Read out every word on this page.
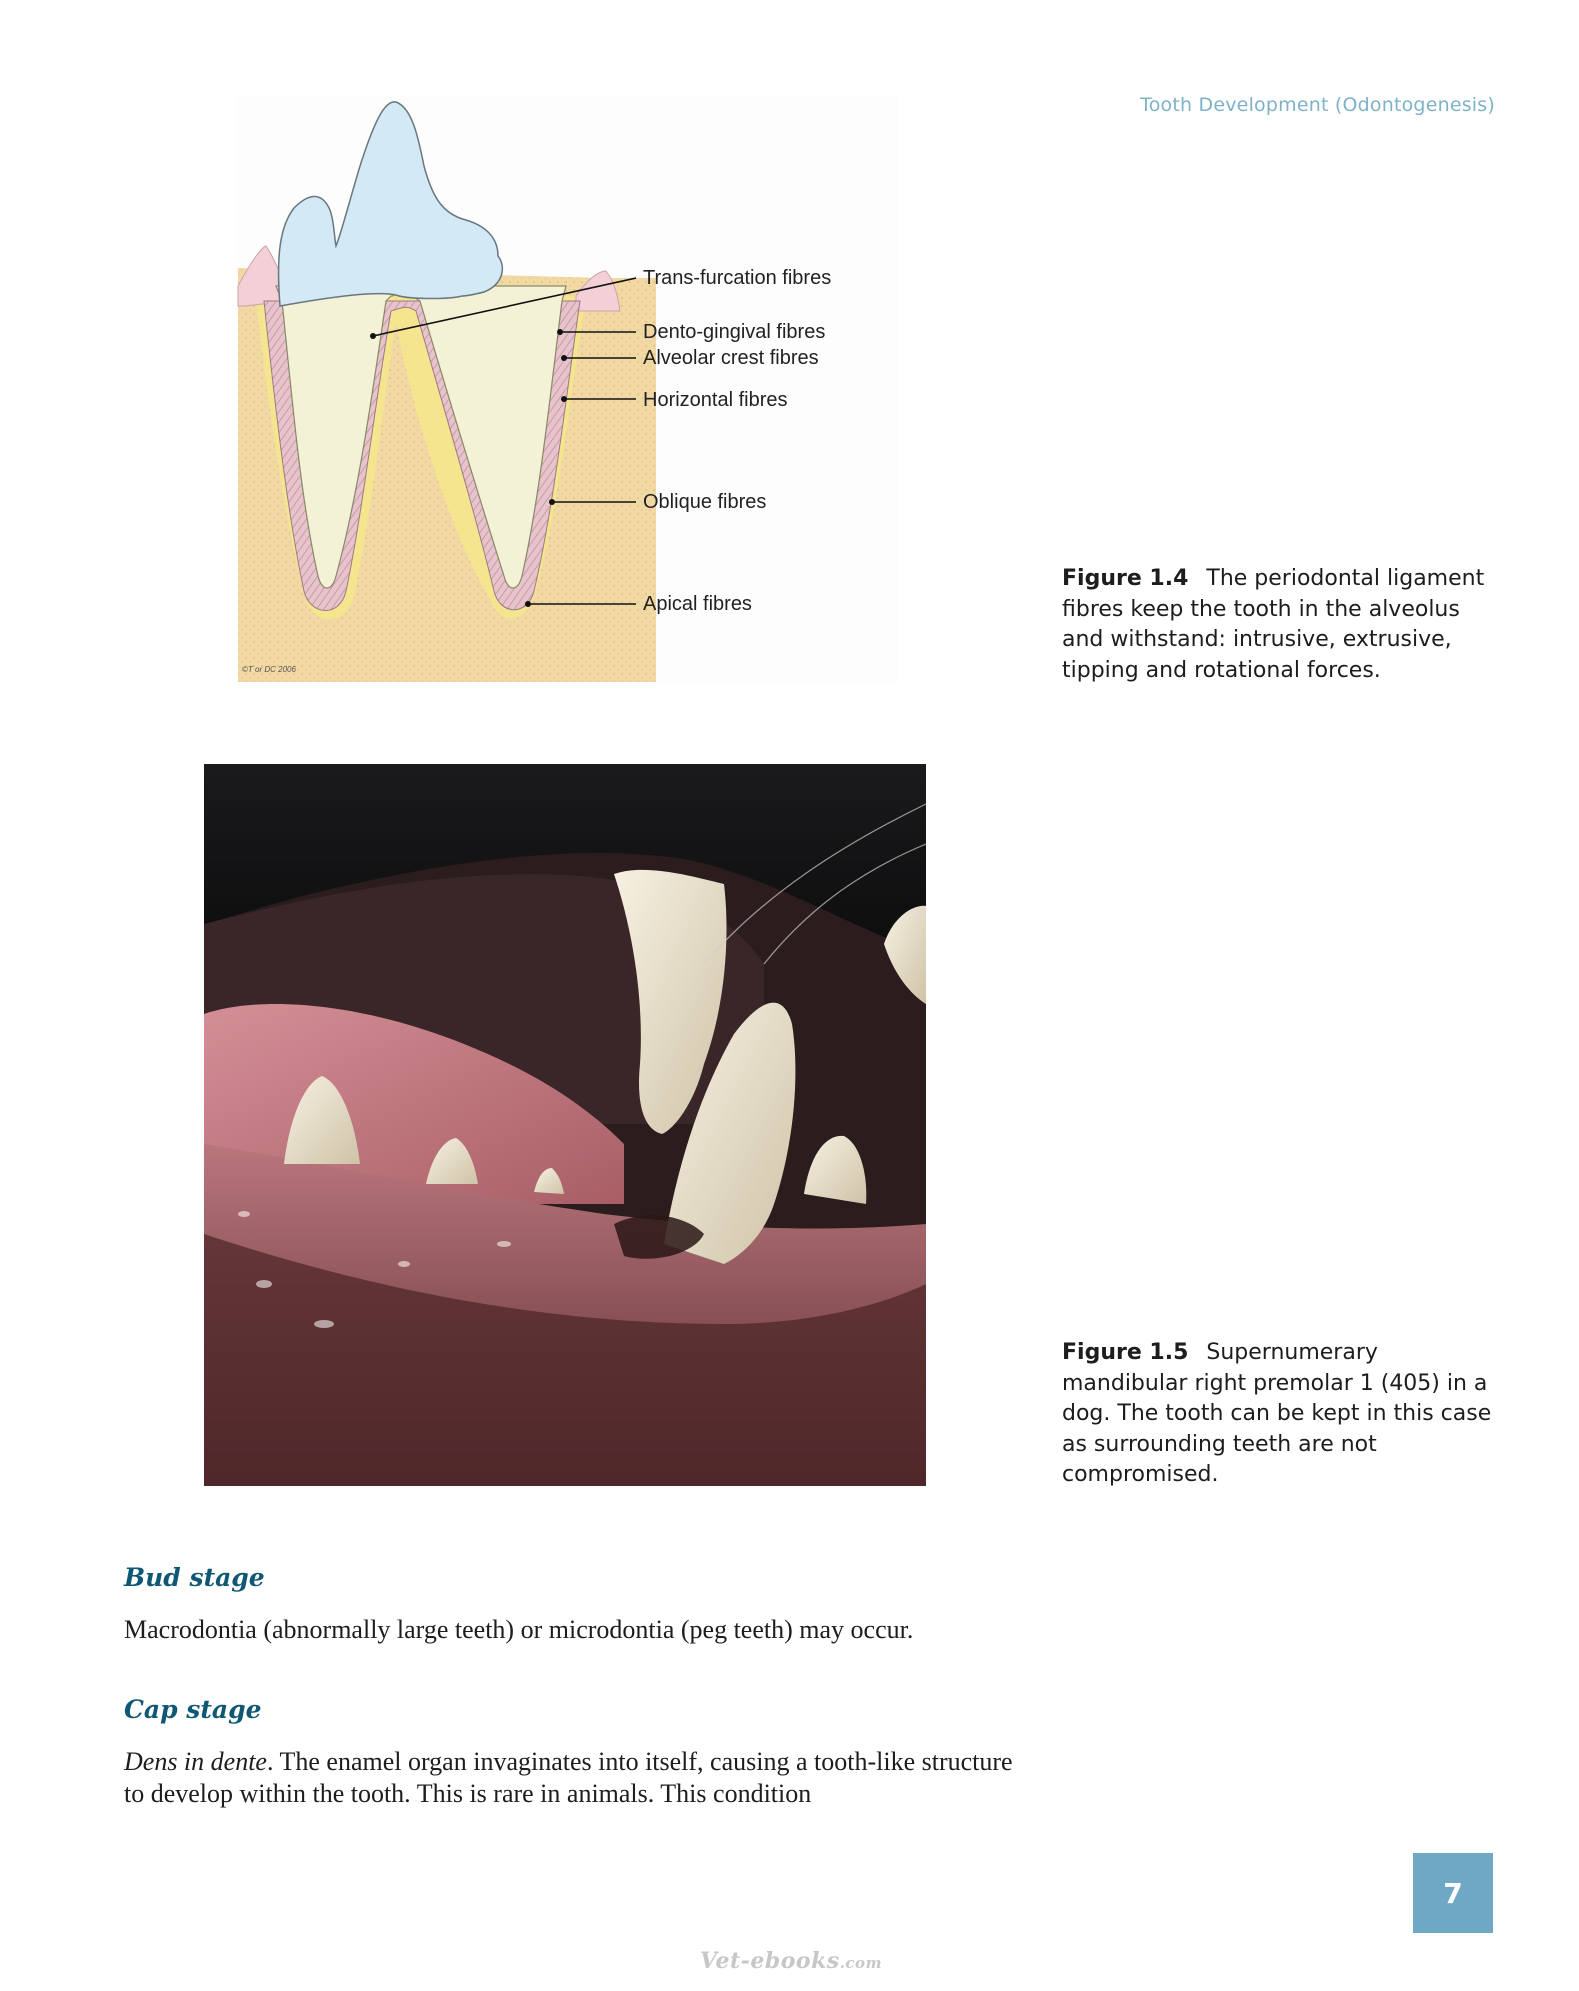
Tooth Development (Odontogenesis)
Trans-furcation fibres
Dento-gingival fibres
Alveolar crest fibres
Horizontal fibres
Oblique fibres
Apical fibres
©T or DC 2006
Figure 1.4 The periodontal ligament fibres keep the tooth in the alveolus and withstand: intrusive, extrusive, tipping and rotational forces.
Figure 1.5 Supernumerary mandibular right premolar 1 (405) in a dog. The tooth can be kept in this case as surrounding teeth are not compromised.
Bud stage
Macrodontia (abnormally large teeth) or microdontia (peg teeth) may occur.
Cap stage
Dens in dente. The enamel organ invaginates into itself, causing a tooth-like structure to develop within the tooth. This is rare in animals. This condition
7
Vet-ebooks.com
